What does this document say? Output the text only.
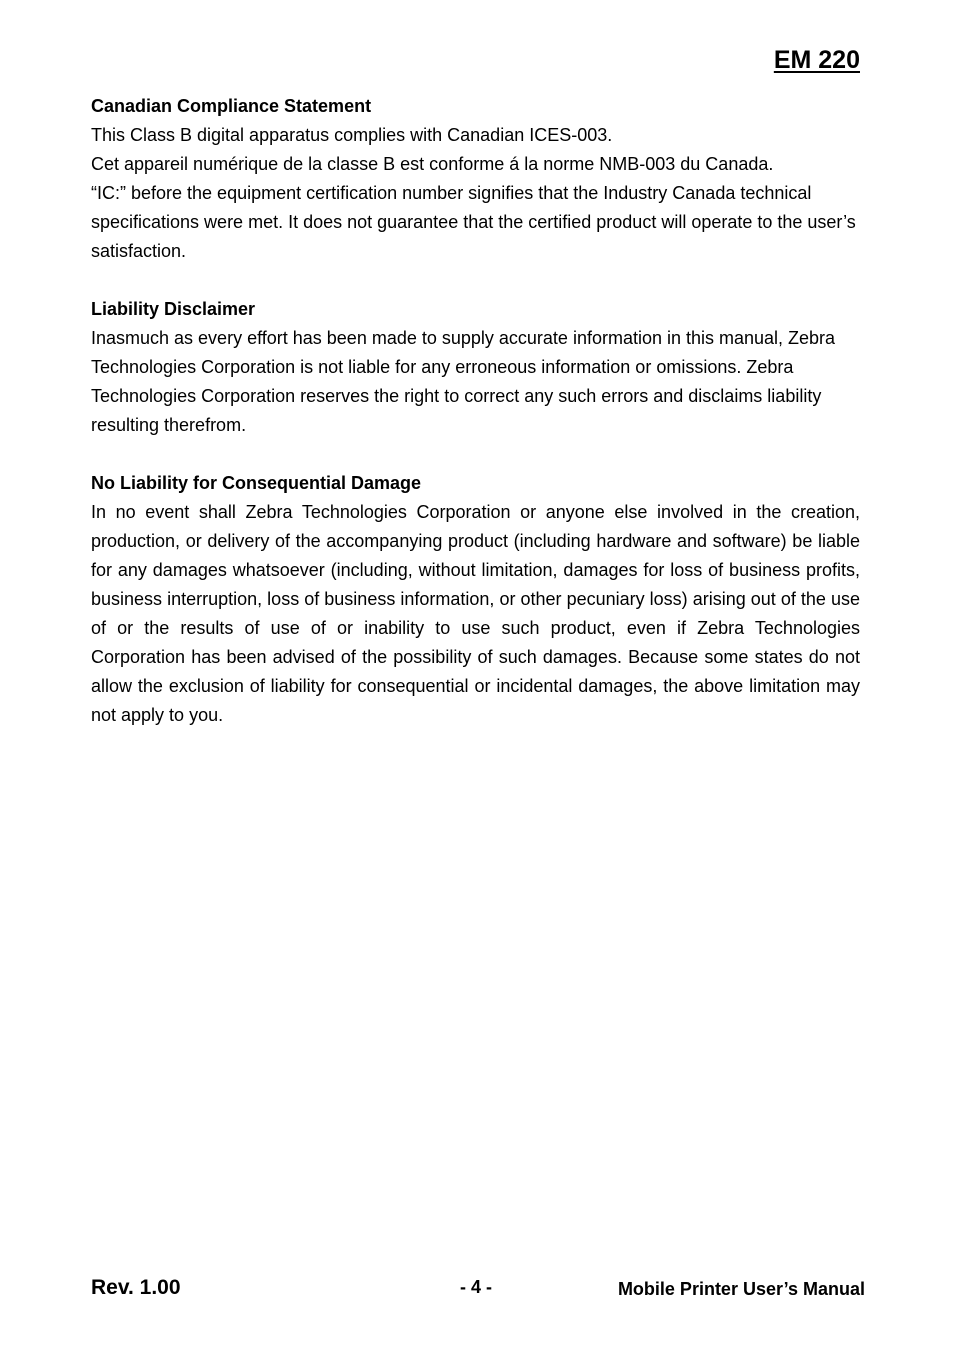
EM 220
Canadian Compliance Statement

This Class B digital apparatus complies with Canadian ICES-003.

Cet appareil numérique de la classe B est conforme á la norme NMB-003 du Canada.

“IC:” before the equipment certification number signifies that the Industry Canada technical specifications were met. It does not guarantee that the certified product will operate to the user’s satisfaction.

Liability Disclaimer

Inasmuch as every effort has been made to supply accurate information in this manual, Zebra Technologies Corporation is not liable for any erroneous information or omissions. Zebra Technologies Corporation reserves the right to correct any such errors and disclaims liability resulting therefrom.

No Liability for Consequential Damage

In no event shall Zebra Technologies Corporation or anyone else involved in the creation, production, or delivery of the accompanying product (including hardware and software) be liable for any damages whatsoever (including, without limitation, damages for loss of business profits, business interruption, loss of business information, or other pecuniary loss) arising out of the use of or the results of use of or inability to use such product, even if Zebra Technologies Corporation has been advised of the possibility of such damages. Because some states do not allow the exclusion of liability for consequential or incidental damages, the above limitation may not apply to you.

Rev. 1.00	- 4 -	Mobile Printer User’s Manual
